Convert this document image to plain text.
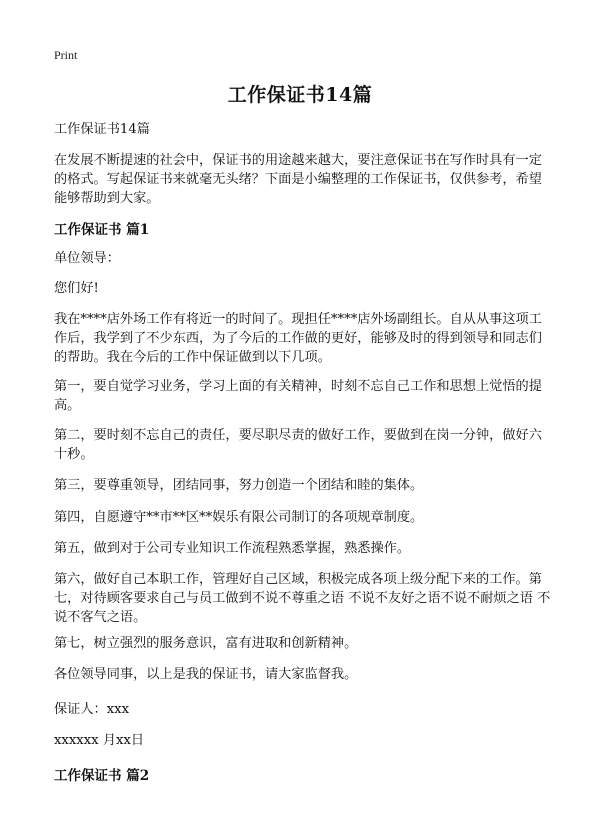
Print
工作保证书14篇

工作保证书14篇

在发展不断提速的社会中，保证书的用途越来越大，要注意保证书在写作时具有一定的格式。写起保证书来就毫无头绪？下面是小编整理的工作保证书，仅供参考，希望能够帮助到大家。

工作保证书 篇1

单位领导：

您们好!

我在****店外场工作有将近一的时间了。现担任****店外场副组长。自从从事这项工作后，我学到了不少东西，为了今后的工作做的更好，能够及时的得到领导和同志们的帮助。我在今后的工作中保证做到以下几项。

第一，要自觉学习业务，学习上面的有关精神，时刻不忘自己工作和思想上觉悟的提高。

第二，要时刻不忘自己的责任，要尽职尽责的做好工作，要做到在岗一分钟，做好六十秒。

第三，要尊重领导，团结同事，努力创造一个团结和睦的集体。

第四，自愿遵守**市**区**娱乐有限公司制订的各项规章制度。

第五，做到对于公司专业知识工作流程熟悉掌握，熟悉操作。

第六，做好自己本职工作，管理好自己区域，积极完成各项上级分配下来的工作。第七，对待顾客要求自己与员工做到不说不尊重之语 不说不友好之语不说不耐烦之语 不说不客气之语。

第七，树立强烈的服务意识，富有进取和创新精神。

各位领导同事，以上是我的保证书，请大家监督我。

保证人：xxx

xxxxxx 月xx日

工作保证书 篇2
